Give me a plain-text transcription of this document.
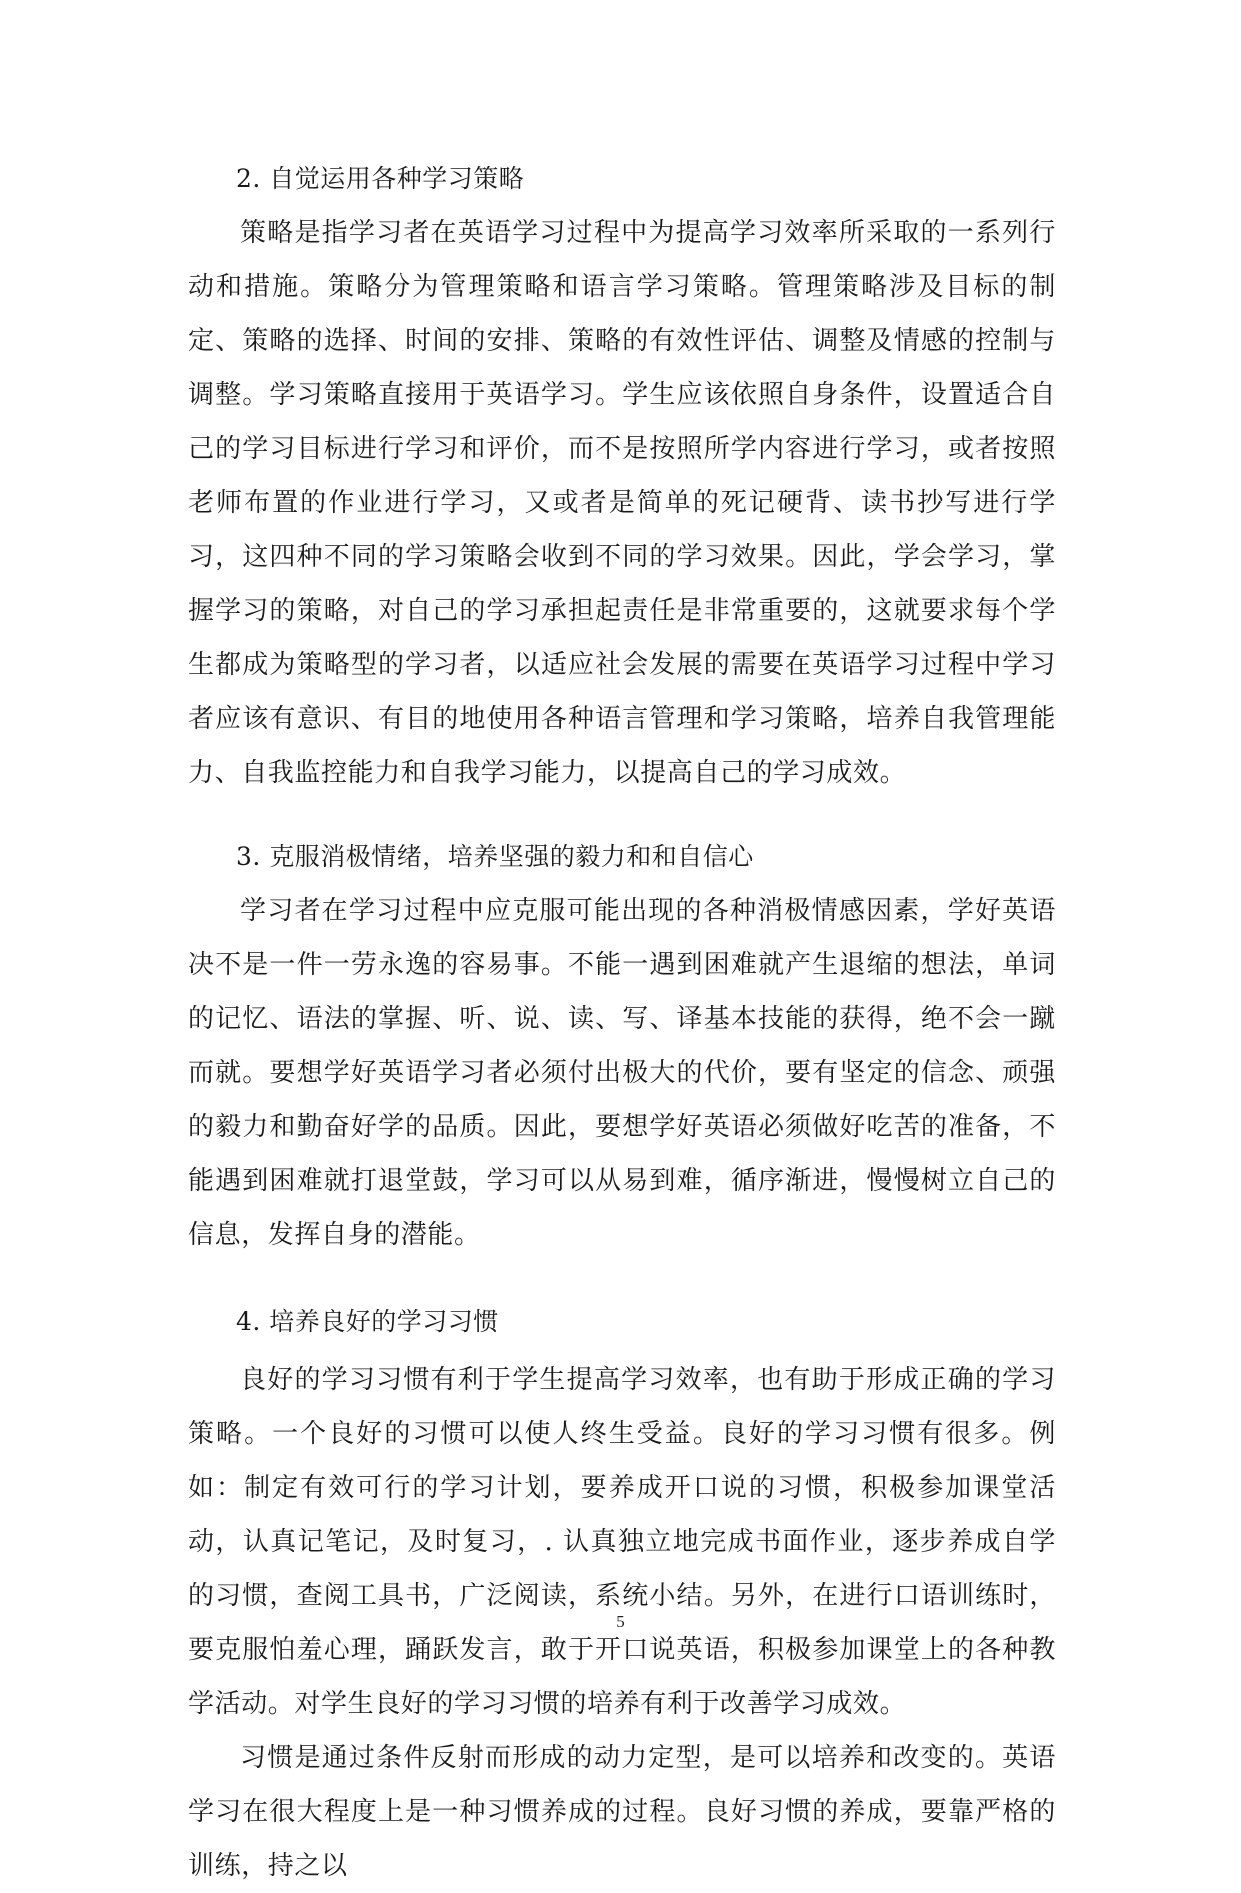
2. 自觉运用各种学习策略

策略是指学习者在英语学习过程中为提高学习效率所采取的一系列行动和措施。策略分为管理策略和语言学习策略。管理策略涉及目标的制定、策略的选择、时间的安排、策略的有效性评估、调整及情感的控制与调整。学习策略直接用于英语学习。学生应该依照自身条件，设置适合自己的学习目标进行学习和评价，而不是按照所学内容进行学习，或者按照老师布置的作业进行学习，又或者是简单的死记硬背、读书抄写进行学习，这四种不同的学习策略会收到不同的学习效果。因此，学会学习，掌握学习的策略，对自己的学习承担起责任是非常重要的，这就要求每个学生都成为策略型的学习者，以适应社会发展的需要在英语学习过程中学习者应该有意识、有目的地使用各种语言管理和学习策略，培养自我管理能力、自我监控能力和自我学习能力，以提高自己的学习成效。

3. 克服消极情绪，培养坚强的毅力和和自信心

学习者在学习过程中应克服可能出现的各种消极情感因素，学好英语决不是一件一劳永逸的容易事。不能一遇到困难就产生退缩的想法，单词的记忆、语法的掌握、听、说、读、写、译基本技能的获得，绝不会一蹴而就。要想学好英语学习者必须付出极大的代价，要有坚定的信念、顽强的毅力和勤奋好学的品质。因此，要想学好英语必须做好吃苦的准备，不能遇到困难就打退堂鼓，学习可以从易到难，循序渐进，慢慢树立自己的信息，发挥自身的潜能。

4. 培养良好的学习习惯

良好的学习习惯有利于学生提高学习效率，也有助于形成正确的学习策略。一个良好的习惯可以使人终生受益。良好的学习习惯有很多。例如：制定有效可行的学习计划，要养成开口说的习惯，积极参加课堂活动，认真记笔记，及时复习，. 认真独立地完成书面作业，逐步养成自学的习惯，查阅工具书，广泛阅读，系统小结。另外，在进行口语训练时，要克服怕羞心理，踊跃发言，敢于开口说英语，积极参加课堂上的各种教学活动。对学生良好的学习习惯的培养有利于改善学习成效。

习惯是通过条件反射而形成的动力定型，是可以培养和改变的。英语学习在很大程度上是一种习惯养成的过程。良好习惯的养成，要靠严格的训练，持之以

5
